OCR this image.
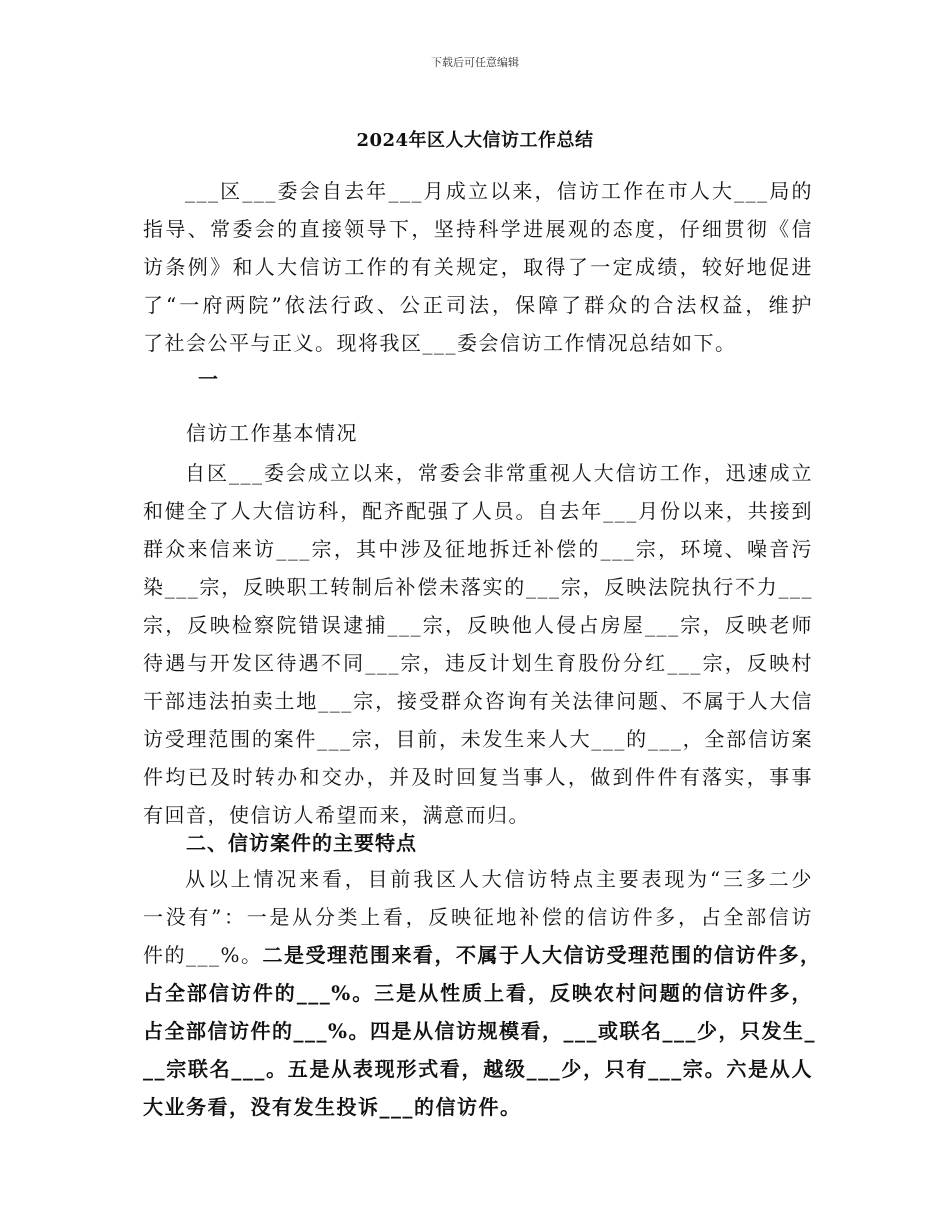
下载后可任意编辑
2024年区人大信访工作总结
___区___委会自去年___月成立以来，信访工作在市人大___局的
指导、常委会的直接领导下，坚持科学进展观的态度，仔细贯彻《信
访条例》和人大信访工作的有关规定，取得了一定成绩，较好地促进
了“一府两院”依法行政、公正司法，保障了群众的合法权益，维护
了社会公平与正义。现将我区___委会信访工作情况总结如下。
一
信访工作基本情况
自区___委会成立以来，常委会非常重视人大信访工作，迅速成立
和健全了人大信访科，配齐配强了人员。自去年___月份以来，共接到
群众来信来访___宗，其中涉及征地拆迁补偿的___宗，环境、噪音污
染___宗，反映职工转制后补偿未落实的___宗，反映法院执行不力___
宗，反映检察院错误逮捕___宗，反映他人侵占房屋___宗，反映老师
待遇与开发区待遇不同___宗，违反计划生育股份分红___宗，反映村
干部违法拍卖土地___宗，接受群众咨询有关法律问题、不属于人大信
访受理范围的案件___宗，目前，未发生来人大___的___，全部信访案
件均已及时转办和交办，并及时回复当事人，做到件件有落实，事事
有回音，使信访人希望而来，满意而归。
二、信访案件的主要特点
从以上情况来看，目前我区人大信访特点主要表现为“三多二少
一没有”：一是从分类上看，反映征地补偿的信访件多，占全部信访
件的___%。二是受理范围来看，不属于人大信访受理范围的信访件多，
占全部信访件的___%。三是从性质上看，反映农村问题的信访件多，
占全部信访件的___%。四是从信访规模看，___或联名___少，只发生_
__宗联名___。五是从表现形式看，越级___少，只有___宗。六是从人
大业务看，没有发生投诉___的信访件。
